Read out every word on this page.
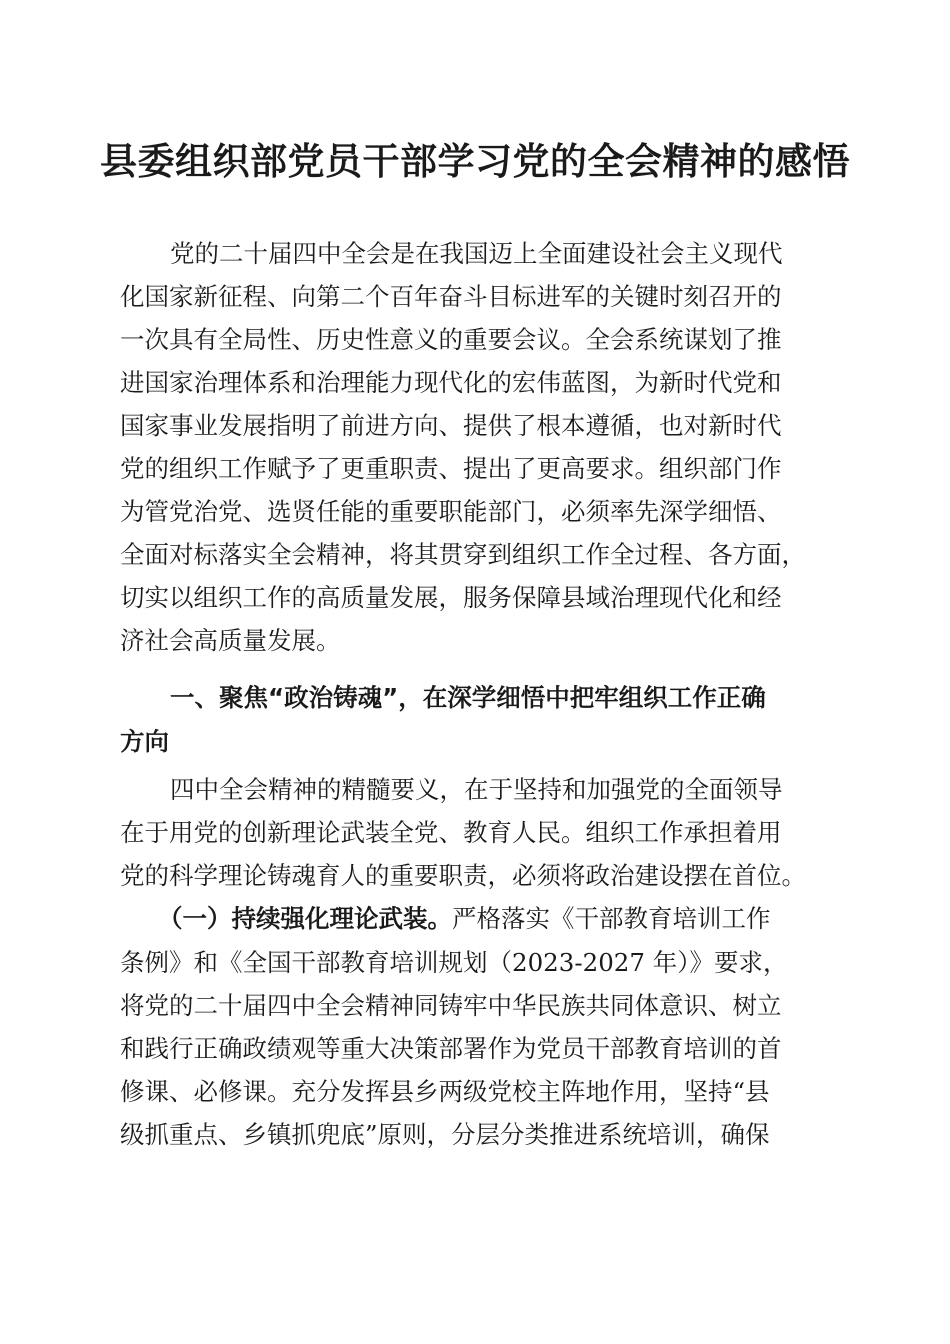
县委组织部党员干部学习党的全会精神的感悟

党的二十届四中全会是在我国迈上全面建设社会主义现代

化国家新征程、向第二个百年奋斗目标进军的关键时刻召开的

一次具有全局性、历史性意义的重要会议。全会系统谋划了推

进国家治理体系和治理能力现代化的宏伟蓝图，为新时代党和

国家事业发展指明了前进方向、提供了根本遵循，也对新时代

党的组织工作赋予了更重职责、提出了更高要求。组织部门作

为管党治党、选贤任能的重要职能部门，必须率先深学细悟、

全面对标落实全会精神，将其贯穿到组织工作全过程、各方面，

切实以组织工作的高质量发展，服务保障县域治理现代化和经

济社会高质量发展。

一、聚焦“政治铸魂”，在深学细悟中把牢组织工作正确

方向

四中全会精神的精髓要义，在于坚持和加强党的全面领导

在于用党的创新理论武装全党、教育人民。组织工作承担着用

党的科学理论铸魂育人的重要职责，必须将政治建设摆在首位。

（一）持续强化理论武装。严格落实《干部教育培训工作

条例》和《全国干部教育培训规划（2023-2027 年）》要求，

将党的二十届四中全会精神同铸牢中华民族共同体意识、树立

和践行正确政绩观等重大决策部署作为党员干部教育培训的首

修课、必修课。充分发挥县乡两级党校主阵地作用，坚持“县

级抓重点、乡镇抓兜底”原则，分层分类推进系统培训，确保
